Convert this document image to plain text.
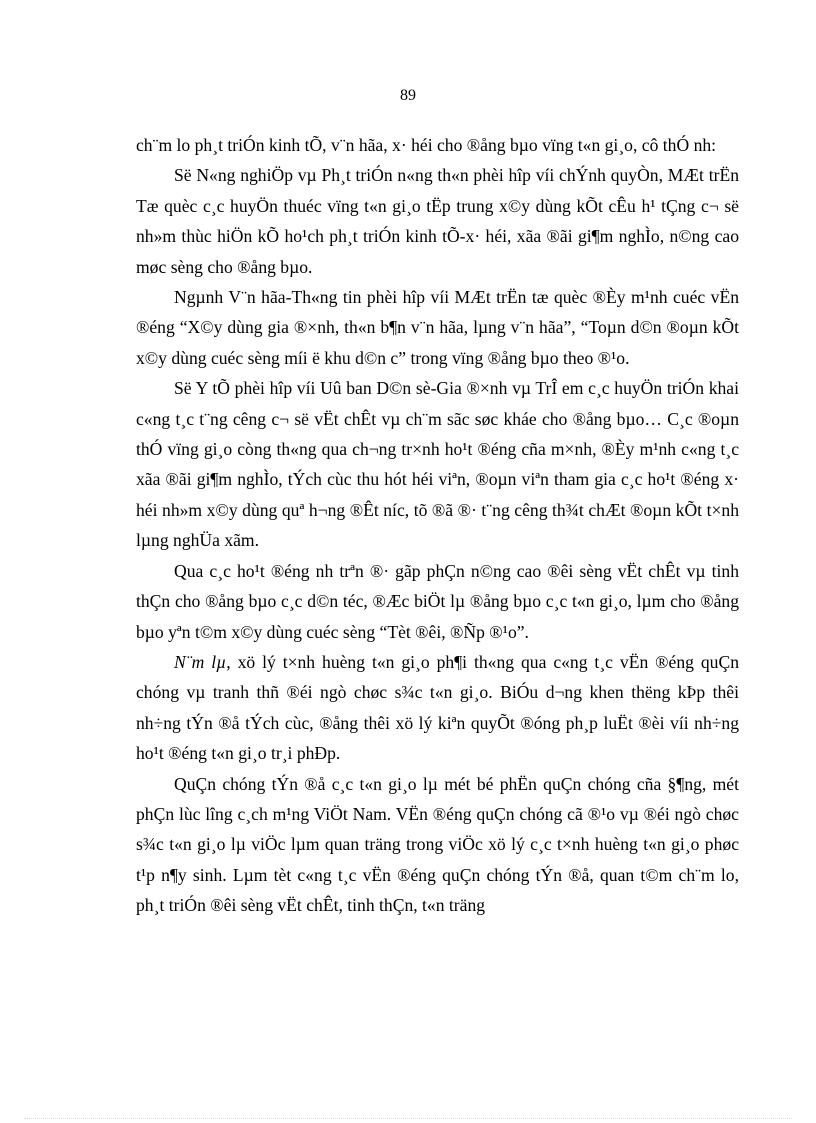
89

ch¨m lo ph¸t triÓn kinh tÕ, v¨n hãa, x· héi cho ®ång bµo vïng t«n gi¸o, cô thÓ nh:

Së N«ng nghiÖp vµ Ph¸t triÓn n«ng th«n phèi hîp víi chÝnh quyÒn, MÆt trËn Tæ quèc c¸c huyÖn thuéc vïng t«n gi¸o tËp trung x©y dùng kÕt cÊu h¹ tÇng c¬ së nh»m thùc hiÖn kÕ ho¹ch ph¸t triÓn kinh tÕ-x· héi, xãa ®ãi gi¶m nghÌo, n©ng cao møc sèng cho ®ång bµo.

Ngµnh V¨n hãa-Th«ng tin phèi hîp víi MÆt trËn tæ quèc ®Èy m¹nh cuéc vËn ®éng “X©y dùng gia ®×nh, th«n b¶n v¨n hãa, lµng v¨n hãa”, “Toµn d©n ®oµn kÕt x©y dùng cuéc sèng míi ë khu d©n c” trong vïng ®ång bµo theo ®¹o.

Së Y tÕ phèi hîp víi Uû ban D©n sè-Gia ®×nh vµ TrÎ em c¸c huyÖn triÓn khai c«ng t¸c t¨ng cêng c¬ së vËt chÊt vµ ch¨m sãc søc kháe cho ®ång bµo… C¸c ®oµn thÓ vïng gi¸o còng th«ng qua ch¬ng tr×nh ho¹t ®éng cña m×nh, ®Èy m¹nh c«ng t¸c xãa ®ãi gi¶m nghÌo, tÝch cùc thu hót héi viªn, ®oµn viªn tham gia c¸c ho¹t ®éng x· héi nh»m x©y dùng quª h¬ng ®Êt níc, tõ ®ã ®· t¨ng cêng th¾t chÆt ®oµn kÕt t×nh lµng nghÜa xãm.

Qua c¸c ho¹t ®éng nh trªn ®· gãp phÇn n©ng cao ®êi sèng vËt chÊt vµ tinh thÇn cho ®ång bµo c¸c d©n téc, ®Æc biÖt lµ ®ång bµo c¸c t«n gi¸o, lµm cho ®ång bµo yªn t©m x©y dùng cuéc sèng “Tèt ®êi, ®Ñp ®¹o”.

N¨m lµ, xö lý t×nh huèng t«n gi¸o ph¶i th«ng qua c«ng t¸c vËn ®éng quÇn chóng vµ tranh thñ ®éi ngò chøc s¾c t«n gi¸o. BiÓu d¬ng khen thëng kÞp thêi nh÷ng tÝn ®å tÝch cùc, ®ång thêi xö lý kiªn quyÕt ®óng ph¸p luËt ®èi víi nh÷ng ho¹t ®éng t«n gi¸o tr¸i phÐp.

QuÇn chóng tÝn ®å c¸c t«n gi¸o lµ mét bé phËn quÇn chóng cña §¶ng, mét phÇn lùc lîng c¸ch m¹ng ViÖt Nam. VËn ®éng quÇn chóng cã ®¹o vµ ®éi ngò chøc s¾c t«n gi¸o lµ viÖc lµm quan träng trong viÖc xö lý c¸c t×nh huèng t«n gi¸o phøc t¹p n¶y sinh. Lµm tèt c«ng t¸c vËn ®éng quÇn chóng tÝn ®å, quan t©m ch¨m lo, ph¸t triÓn ®êi sèng vËt chÊt, tinh thÇn, t«n träng
